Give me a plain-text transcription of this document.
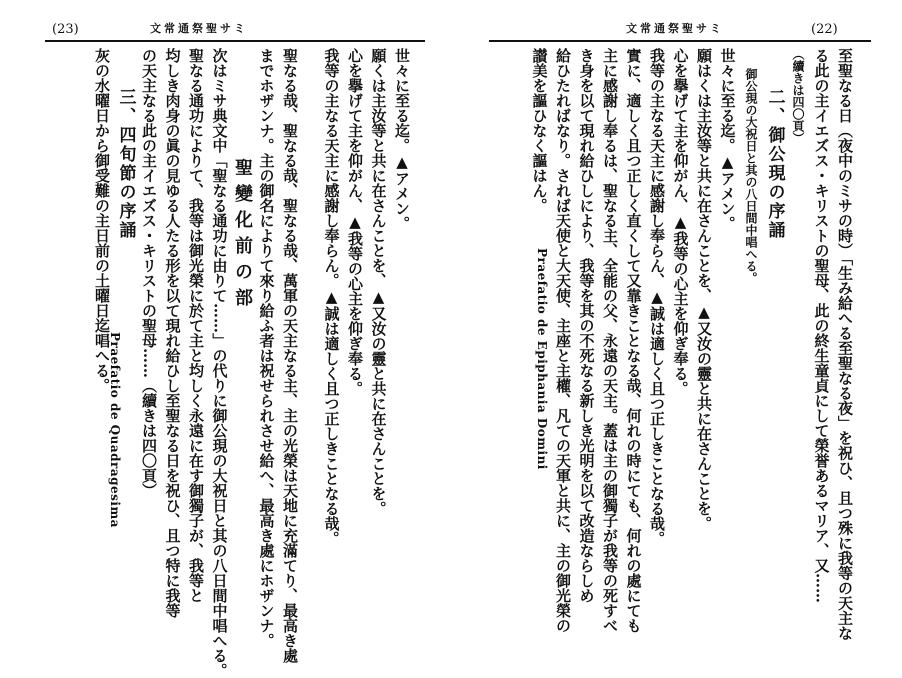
文常通祭聖サミ	(22)

至聖なる日（夜中のミサの時）「生み給へる至聖なる夜」を祝ひ、且つ殊に我等の天主な

る此の主イエズス・キリストの聖母、此の終生童貞にして榮誉あるマリア、又……

（續きは四〇頁）

二、御公現の序誦

御公現の大祝日と其の八日間中唱へる。

世々に至る迄。▲アメン。

願はくは主汝等と共に在さんことを、▲又汝の靈と共に在さんことを。

心を擧げて主を仰がん、▲我等の心主を仰ぎ奉る。

我等の主なる天主に感謝し奉らん、▲誠は適しく且つ正しきことなる哉。

實に、適しく且つ正しく直くして又靠きことなる哉、何れの時にても、何れの處にても

主に感謝し奉るは、聖なる主、全能の父、永遠の天主。蓋は主の御獨子が我等の死すべ

き身を以て現れ給ひしにより、我等を其の不死なる新しき光明を以て改造ならしめ

給ひたればなり。されば天使と大天使、主座と主權、凡ての天軍と共に、主の御光榮の

讃美を謳ひなく謳はん。

Praefatio de Epiphania Domini
文常通祭聖サミ
(23)

世々に至る迄。▲アメン。

願くは主汝等と共に在さんことを、▲又汝の靈と共に在さんことを。

心を擧げて主を仰がん、▲我等の心主を仰ぎ奉る。

我等の主なる天主に感謝し奉らん。▲誠は適しく且つ正しきことなる哉。

聖なる哉、聖なる哉、聖なる哉、萬軍の天主なる主、主の光榮は天地に充滿てり、最高き處

までホザンナ。主の御名によりて來り給ふ者は祝せられさせ給へ、最高き處にホザンナ。

聖變化前の部

次はミサ典文中「聖なる通功に由りて……」の代りに御公現の大祝日と其の八日間中唱へる。

聖なる通功によりて、我等は御光榮に於て主と均しく永遠に在す御獨子が、我等と

均しき肉身の眞の見ゆる人たる形を以て現れ給ひし至聖なる日を祝ひ、且つ特に我等

の天主なる此の主イエズス・キリストの聖母……（續きは四〇頁）

三、四旬節の序誦

灰の水曜日から御受難の主日前の土曜日迄唱へる。

Praefatio de Quadragesima
